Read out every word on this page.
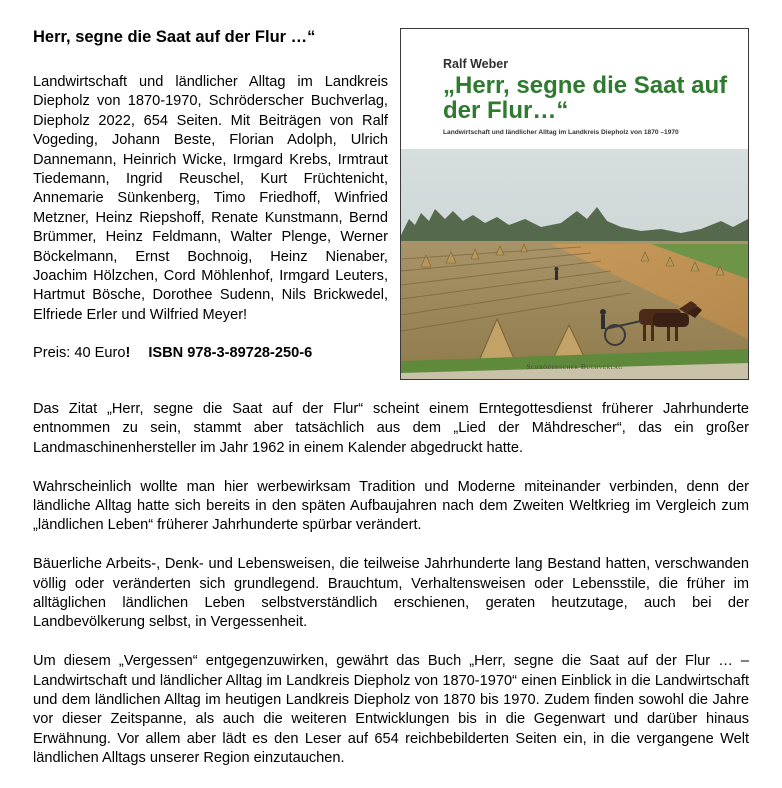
Herr, segne die Saat auf der Flur …“

Landwirtschaft und ländlicher Alltag im Landkreis Diepholz von 1870-1970, Schröderscher Buchverlag, Diepholz 2022, 654 Seiten. Mit Beiträgen von Ralf Vogeding, Johann Beste, Florian Adolph, Ulrich Dannemann, Heinrich Wicke, Irmgard Krebs, Irmtraut Tiedemann, Ingrid Reuschel, Kurt Früchtenicht, Annemarie Sünkenberg, Timo Friedhoff, Winfried Metzner, Heinz Riepshoff, Renate Kunstmann, Bernd Brümmer, Heinz Feldmann, Walter Plenge, Werner Böckelmann, Ernst Bochnoig, Heinz Nienaber, Joachim Hölzchen, Cord Möhlenhof, Irmgard Leuters, Hartmut Bösche, Dorothee Sudenn, Nils Brickwedel, Elfriede Erler und Wilfried Meyer!

Preis: 40 Euro! ISBN 978-3-89728-250-6
Ralf Weber
„Herr, segne die Saat auf der Flur…“
Landwirtschaft und ländlicher Alltag im Landkreis Diepholz von 1870 –1970
Schröderscher Buchverlag

Das Zitat „Herr, segne die Saat auf der Flur“ scheint einem Erntegottesdienst früherer Jahrhunderte entnommen zu sein, stammt aber tatsächlich aus dem „Lied der Mähdrescher“, das ein großer Landmaschinenhersteller im Jahr 1962 in einem Kalender abgedruckt hatte.

Wahrscheinlich wollte man hier werbewirksam Tradition und Moderne miteinander verbinden, denn der ländliche Alltag hatte sich bereits in den späten Aufbaujahren nach dem Zweiten Weltkrieg im Vergleich zum „ländlichen Leben“ früherer Jahrhunderte spürbar verändert.

Bäuerliche Arbeits-, Denk- und Lebensweisen, die teilweise Jahrhunderte lang Bestand hatten, verschwanden völlig oder veränderten sich grundlegend. Brauchtum, Verhaltensweisen oder Lebensstile, die früher im alltäglichen ländlichen Leben selbstverständlich erschienen, geraten heutzutage, auch bei der Landbevölkerung selbst, in Vergessenheit.

Um diesem „Vergessen“ entgegenzuwirken, gewährt das Buch „Herr, segne die Saat auf der Flur … – Landwirtschaft und ländlicher Alltag im Landkreis Diepholz von 1870-1970“ einen Einblick in die Landwirtschaft und dem ländlichen Alltag im heutigen Landkreis Diepholz von 1870 bis 1970. Zudem finden sowohl die Jahre vor dieser Zeitspanne, als auch die weiteren Entwicklungen bis in die Gegenwart und darüber hinaus Erwähnung. Vor allem aber lädt es den Leser auf 654 reichbebilderten Seiten ein, in die vergangene Welt ländlichen Alltags unserer Region einzutauchen.
